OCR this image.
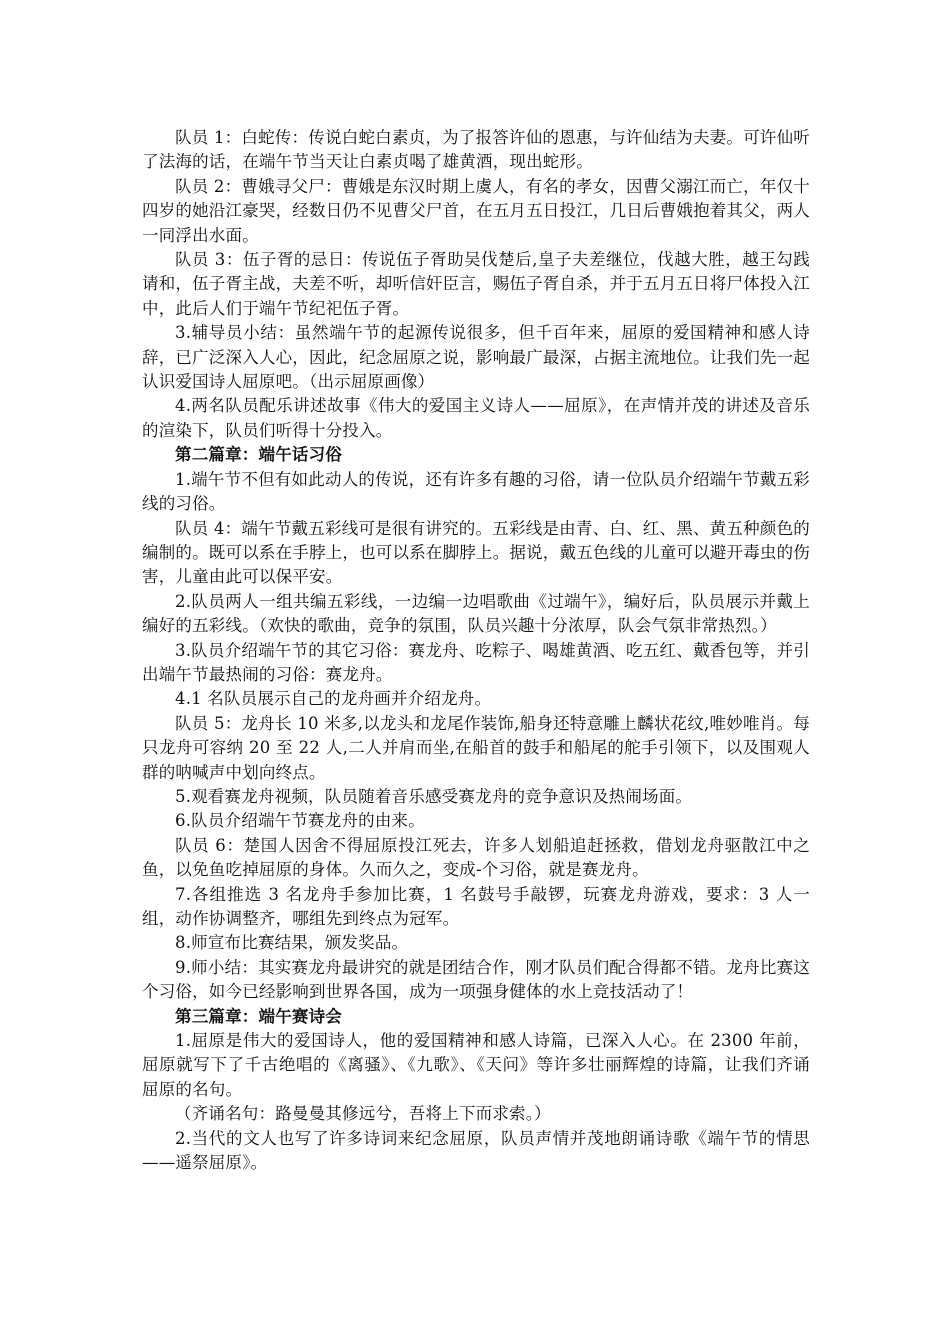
队员 1：白蛇传：传说白蛇白素贞，为了报答许仙的恩惠，与许仙结为夫妻。可许仙听了法海的话，在端午节当天让白素贞喝了雄黄酒，现出蛇形。

队员 2：曹娥寻父尸：曹娥是东汉时期上虞人，有名的孝女，因曹父溺江而亡，年仅十四岁的她沿江豪哭，经数日仍不见曹父尸首，在五月五日投江，几日后曹娥抱着其父，两人一同浮出水面。

队员 3：伍子胥的忌日：传说伍子胥助吴伐楚后,皇子夫差继位，伐越大胜，越王勾践请和，伍子胥主战，夫差不听，却听信奸臣言，赐伍子胥自杀，并于五月五日将尸体投入江中，此后人们于端午节纪祀伍子胥。

3.辅导员小结：虽然端午节的起源传说很多，但千百年来，屈原的爱国精神和感人诗辞，已广泛深入人心，因此，纪念屈原之说，影响最广最深，占据主流地位。让我们先一起认识爱国诗人屈原吧。（出示屈原画像）

4.两名队员配乐讲述故事《伟大的爱国主义诗人——屈原》，在声情并茂的讲述及音乐的渲染下，队员们听得十分投入。

第二篇章：端午话习俗

1.端午节不但有如此动人的传说，还有许多有趣的习俗，请一位队员介绍端午节戴五彩线的习俗。

队员 4：端午节戴五彩线可是很有讲究的。五彩线是由青、白、红、黑、黄五种颜色的编制的。既可以系在手脖上，也可以系在脚脖上。据说，戴五色线的儿童可以避开毒虫的伤害，儿童由此可以保平安。

2.队员两人一组共编五彩线，一边编一边唱歌曲《过端午》，编好后，队员展示并戴上编好的五彩线。（欢快的歌曲，竞争的氛围，队员兴趣十分浓厚，队会气氛非常热烈。）

3.队员介绍端午节的其它习俗：赛龙舟、吃粽子、喝雄黄酒、吃五红、戴香包等，并引出端午节最热闹的习俗：赛龙舟。

4.1 名队员展示自己的龙舟画并介绍龙舟。

队员 5：龙舟长 10 米多,以龙头和龙尾作装饰,船身还特意雕上麟状花纹,唯妙唯肖。每只龙舟可容纳 20 至 22 人,二人并肩而坐,在船首的鼓手和船尾的舵手引领下，以及围观人群的呐喊声中划向终点。

5.观看赛龙舟视频，队员随着音乐感受赛龙舟的竞争意识及热闹场面。

6.队员介绍端午节赛龙舟的由来。

队员 6：楚国人因舍不得屈原投江死去，许多人划船追赶拯救，借划龙舟驱散江中之鱼，以免鱼吃掉屈原的身体。久而久之，变成-个习俗，就是赛龙舟。

7.各组推选 3 名龙舟手参加比赛，1 名鼓号手敲锣，玩赛龙舟游戏，要求：3 人一组，动作协调整齐，哪组先到终点为冠军。

8.师宣布比赛结果，颁发奖品。

9.师小结：其实赛龙舟最讲究的就是团结合作，刚才队员们配合得都不错。龙舟比赛这个习俗，如今已经影响到世界各国，成为一项强身健体的水上竞技活动了！

第三篇章：端午赛诗会

1.屈原是伟大的爱国诗人，他的爱国精神和感人诗篇，已深入人心。在 2300 年前，屈原就写下了千古绝唱的《离骚》、《九歌》、《天问》等许多壮丽辉煌的诗篇，让我们齐诵屈原的名句。

（齐诵名句：路曼曼其修远兮，吾将上下而求索。）

2.当代的文人也写了许多诗词来纪念屈原，队员声情并茂地朗诵诗歌《端午节的情思——遥祭屈原》。
